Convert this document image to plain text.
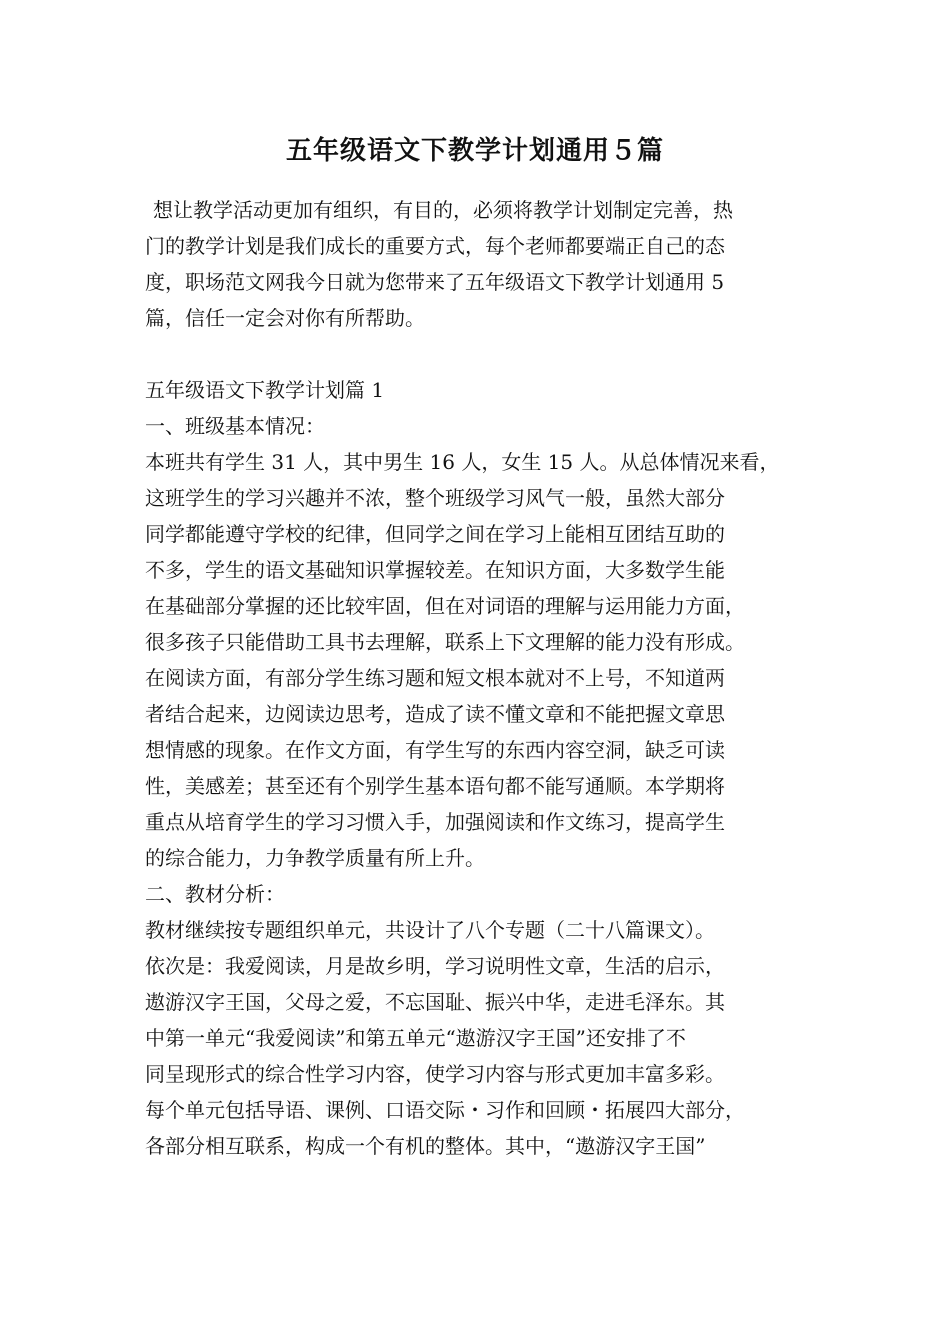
五年级语文下教学计划通用５篇
想让教学活动更加有组织，有目的，必须将教学计划制定完善，热
门的教学计划是我们成长的重要方式，每个老师都要端正自己的态
度，职场范文网我今日就为您带来了五年级语文下教学计划通用 5
篇，信任一定会对你有所帮助。
五年级语文下教学计划篇 1
一、班级基本情况：
本班共有学生 31 人，其中男生 16 人，女生 15 人。从总体情况来看，
这班学生的学习兴趣并不浓，整个班级学习风气一般，虽然大部分
同学都能遵守学校的纪律，但同学之间在学习上能相互团结互助的
不多，学生的语文基础知识掌握较差。在知识方面，大多数学生能
在基础部分掌握的还比较牢固，但在对词语的理解与运用能力方面，
很多孩子只能借助工具书去理解，联系上下文理解的能力没有形成。
在阅读方面，有部分学生练习题和短文根本就对不上号，不知道两
者结合起来，边阅读边思考，造成了读不懂文章和不能把握文章思
想情感的现象。在作文方面，有学生写的东西内容空洞，缺乏可读
性，美感差；甚至还有个别学生基本语句都不能写通顺。本学期将
重点从培育学生的学习习惯入手，加强阅读和作文练习，提高学生
的综合能力，力争教学质量有所上升。
二、教材分析：
教材继续按专题组织单元，共设计了八个专题（二十八篇课文）。
依次是：我爱阅读，月是故乡明，学习说明性文章，生活的启示，
遨游汉字王国，父母之爱，不忘国耻、振兴中华，走进毛泽东。其
中第一单元“我爱阅读”和第五单元“遨游汉字王国”还安排了不
同呈现形式的综合性学习内容，使学习内容与形式更加丰富多彩。
每个单元包括导语、课例、口语交际・习作和回顾・拓展四大部分，
各部分相互联系，构成一个有机的整体。其中，“遨游汉字王国”
